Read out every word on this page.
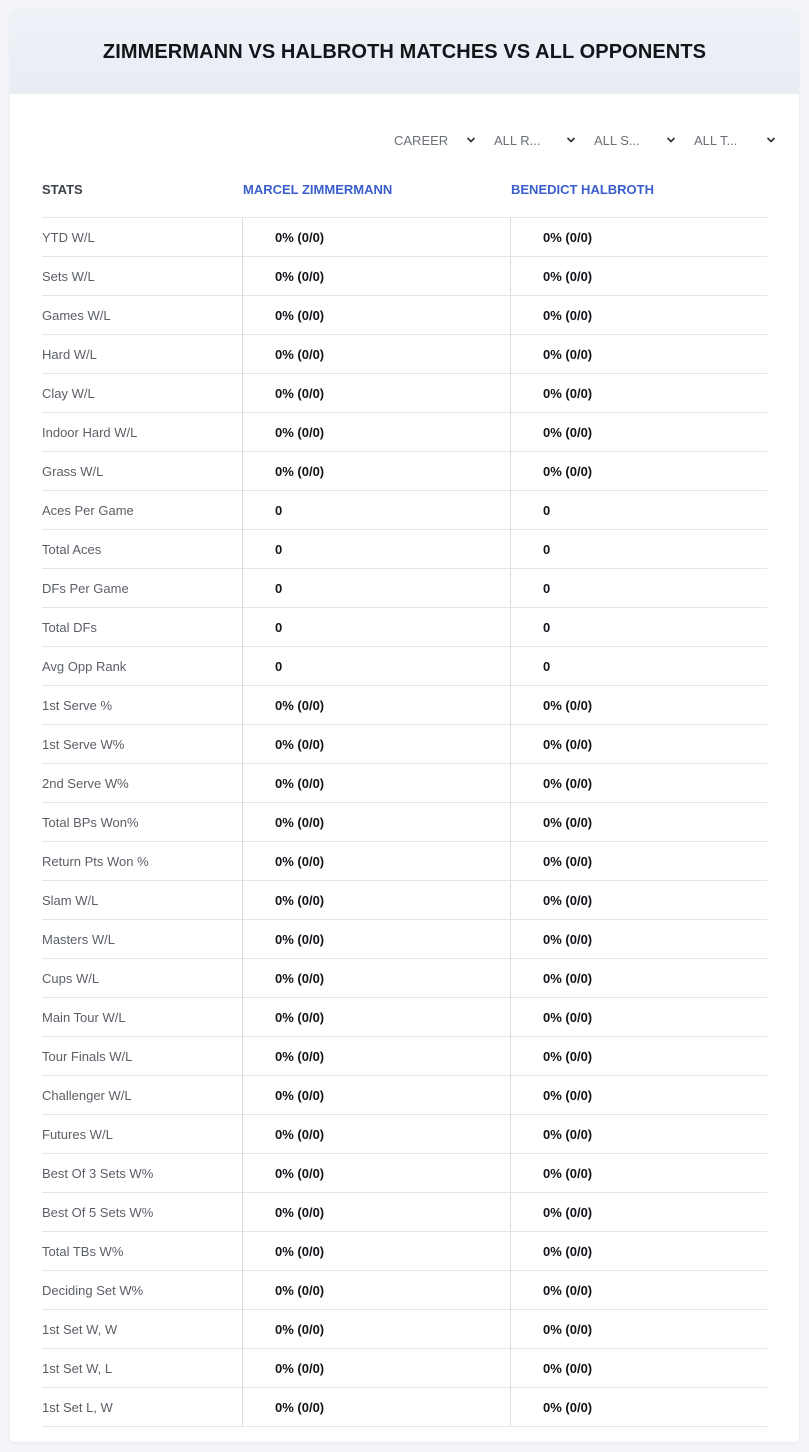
ZIMMERMANN VS HALBROTH MATCHES VS ALL OPPONENTS
CAREER	ALL R...	ALL S...	ALL T...
STATS	MARCEL ZIMMERMANN	BENEDICT HALBROTH
YTD W/L	0% (0/0)	0% (0/0)
Sets W/L	0% (0/0)	0% (0/0)
Games W/L	0% (0/0)	0% (0/0)
Hard W/L	0% (0/0)	0% (0/0)
Clay W/L	0% (0/0)	0% (0/0)
Indoor Hard W/L	0% (0/0)	0% (0/0)
Grass W/L	0% (0/0)	0% (0/0)
Aces Per Game	0	0
Total Aces	0	0
DFs Per Game	0	0
Total DFs	0	0
Avg Opp Rank	0	0
1st Serve %	0% (0/0)	0% (0/0)
1st Serve W%	0% (0/0)	0% (0/0)
2nd Serve W%	0% (0/0)	0% (0/0)
Total BPs Won%	0% (0/0)	0% (0/0)
Return Pts Won %	0% (0/0)	0% (0/0)
Slam W/L	0% (0/0)	0% (0/0)
Masters W/L	0% (0/0)	0% (0/0)
Cups W/L	0% (0/0)	0% (0/0)
Main Tour W/L	0% (0/0)	0% (0/0)
Tour Finals W/L	0% (0/0)	0% (0/0)
Challenger W/L	0% (0/0)	0% (0/0)
Futures W/L	0% (0/0)	0% (0/0)
Best Of 3 Sets W%	0% (0/0)	0% (0/0)
Best Of 5 Sets W%	0% (0/0)	0% (0/0)
Total TBs W%	0% (0/0)	0% (0/0)
Deciding Set W%	0% (0/0)	0% (0/0)
1st Set W, W	0% (0/0)	0% (0/0)
1st Set W, L	0% (0/0)	0% (0/0)
1st Set L, W	0% (0/0)	0% (0/0)
